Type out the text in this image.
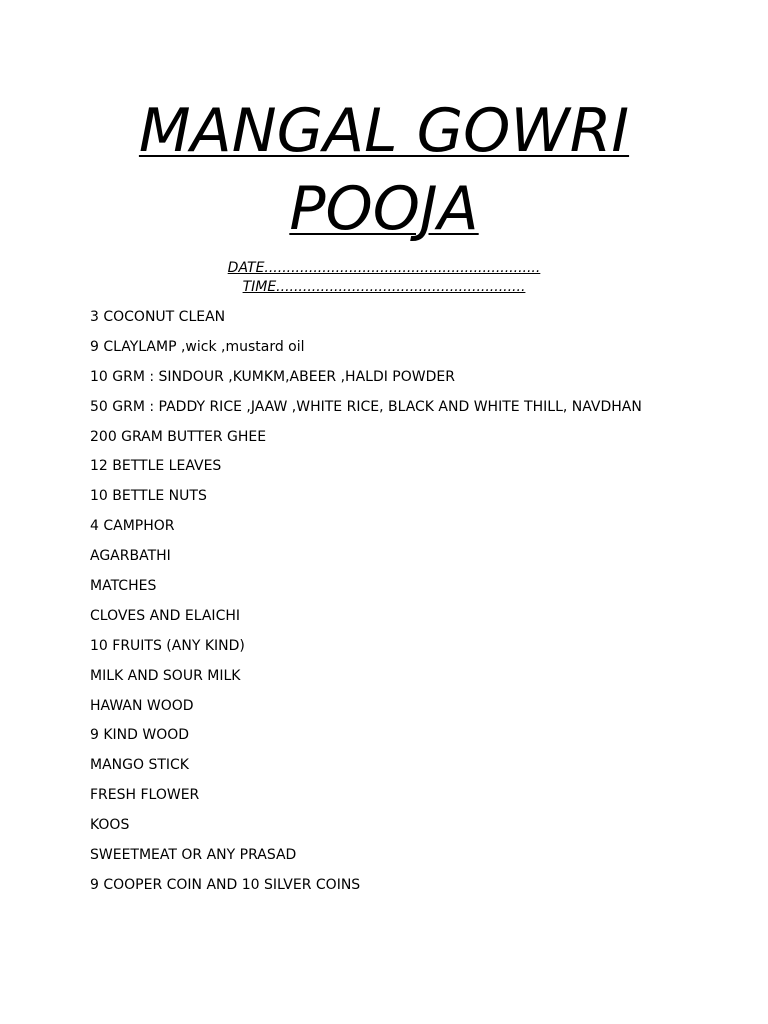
MANGAL GOWRI
POOJA
DATE..............................................................
TIME........................................................
3 COCONUT CLEAN
9 CLAYLAMP ,wick ,mustard oil
10 GRM : SINDOUR ,KUMKM,ABEER ,HALDI POWDER
50 GRM : PADDY RICE ,JAAW ,WHITE RICE, BLACK AND WHITE THILL, NAVDHAN
200 GRAM BUTTER GHEE
12 BETTLE LEAVES
10 BETTLE NUTS
4 CAMPHOR
AGARBATHI
MATCHES
CLOVES AND ELAICHI
10 FRUITS (ANY KIND)
MILK AND SOUR MILK
HAWAN WOOD
9 KIND WOOD
MANGO STICK
FRESH FLOWER
KOOS
SWEETMEAT OR ANY PRASAD
9 COOPER COIN AND 10 SILVER COINS
